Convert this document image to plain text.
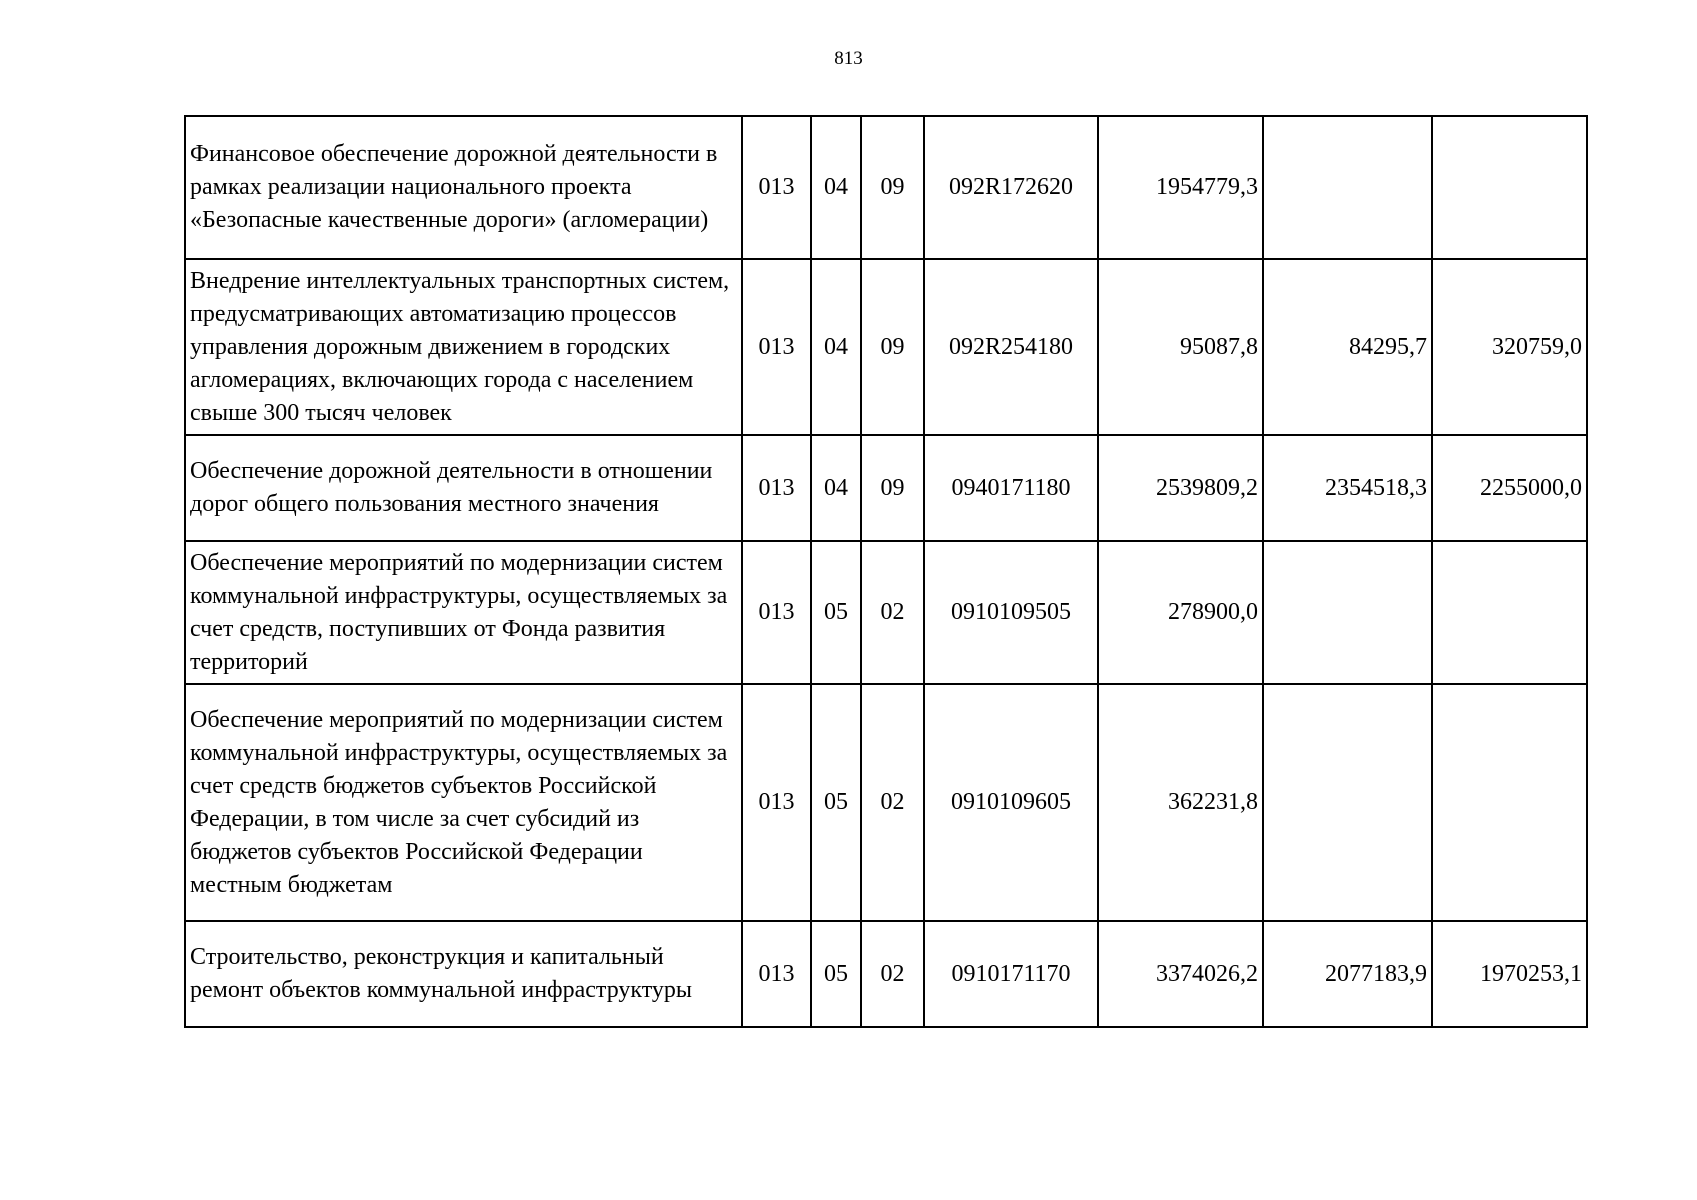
813
Финансовое обеспечение дорожной деятельности в рамках реализации национального проекта «Безопасные качественные дороги» (агломерации)	013	04	09	092R172620	1954779,3		
Внедрение интеллектуальных транспортных систем, предусматривающих автоматизацию процессов управления дорожным движением в городских агломерациях, включающих города с населением свыше 300 тысяч человек	013	04	09	092R254180	95087,8	84295,7	320759,0
Обеспечение дорожной деятельности в отношении дорог общего пользования местного значения	013	04	09	0940171180	2539809,2	2354518,3	2255000,0
Обеспечение мероприятий по модернизации систем коммунальной инфраструктуры, осуществляемых за счет средств, поступивших от Фонда развития территорий	013	05	02	0910109505	278900,0		
Обеспечение мероприятий по модернизации систем коммунальной инфраструктуры, осуществляемых за счет средств бюджетов субъектов Российской Федерации, в том числе за счет субсидий из бюджетов субъектов Российской Федерации местным бюджетам	013	05	02	0910109605	362231,8		
Строительство, реконструкция и капитальный ремонт объектов коммунальной инфраструктуры	013	05	02	0910171170	3374026,2	2077183,9	1970253,1
